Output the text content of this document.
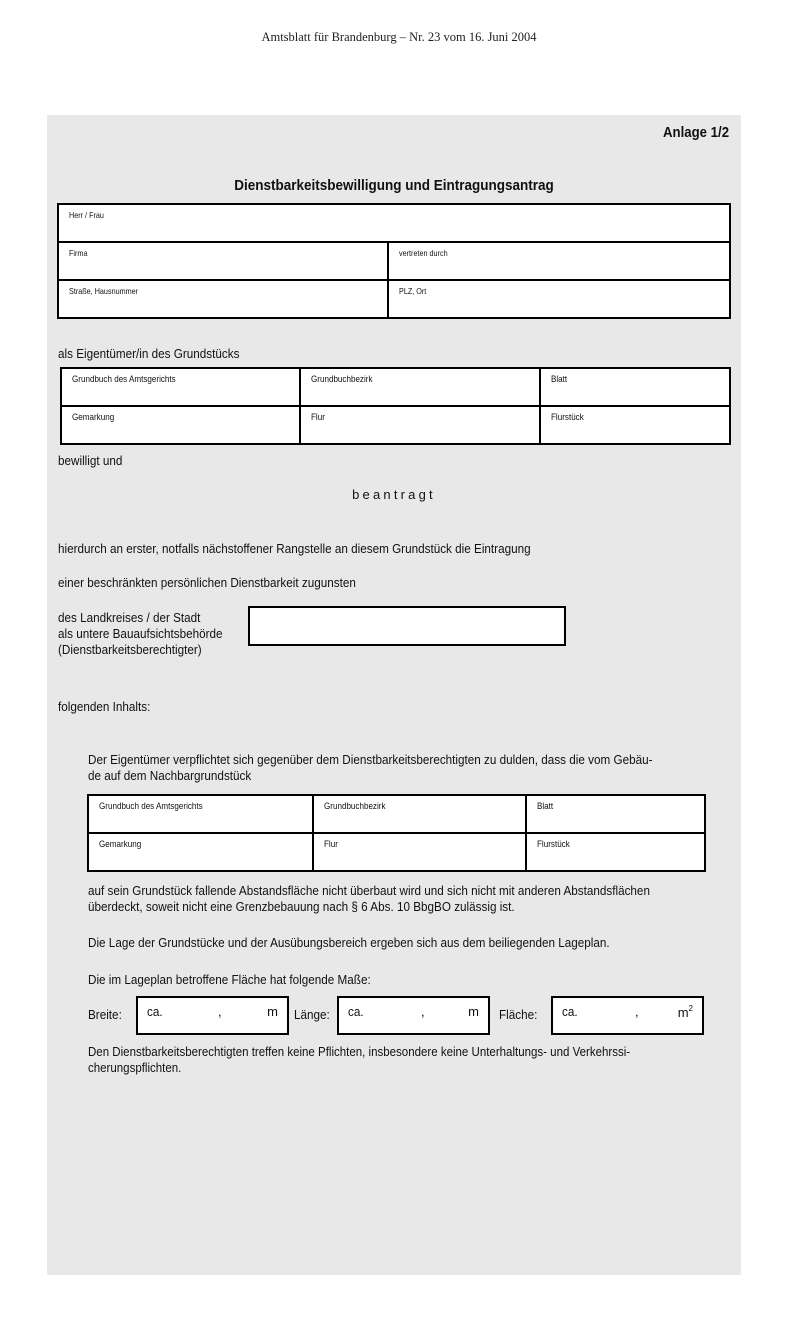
Amtsblatt für Brandenburg – Nr. 23 vom 16. Juni 2004
Anlage 1/2
Dienstbarkeitsbewilligung und Eintragungsantrag
Herr / Frau	
Firma	vertreten durch
Straße, Hausnummer	PLZ, Ort
als Eigentümer/in des Grundstücks
Grundbuch des Amtsgerichts	Grundbuchbezirk	Blatt
Gemarkung	Flur	Flurstück
bewilligt und
beantragt
hierdurch an erster, notfalls nächstoffener Rangstelle an diesem Grundstück die Eintragung
einer beschränkten persönlichen Dienstbarkeit zugunsten
des Landkreises / der Stadt
als untere Bauaufsichtsbehörde
(Dienstbarkeitsberechtigter)
folgenden Inhalts:
Der Eigentümer verpflichtet sich gegenüber dem Dienstbarkeitsberechtigten zu dulden, dass die vom Gebäu-
de auf dem Nachbargrundstück
Grundbuch des Amtsgerichts	Grundbuchbezirk	Blatt
Gemarkung	Flur	Flurstück
auf sein Grundstück fallende Abstandsfläche nicht überbaut wird und sich nicht mit anderen Abstandsflächen
überdeckt, soweit nicht eine Grenzbebauung nach § 6 Abs. 10 BbgBO zulässig ist.
Die Lage der Grundstücke und der Ausübungsbereich ergeben sich aus dem beiliegenden Lageplan.
Die im Lageplan betroffene Fläche hat folgende Maße:
Breite: ca.	,	m Länge: ca.	,	m Fläche: ca.	,	$m^2$
Den Dienstbarkeitsberechtigten treffen keine Pflichten, insbesondere keine Unterhaltungs- und Verkehrssi-
cherungspflichten.
